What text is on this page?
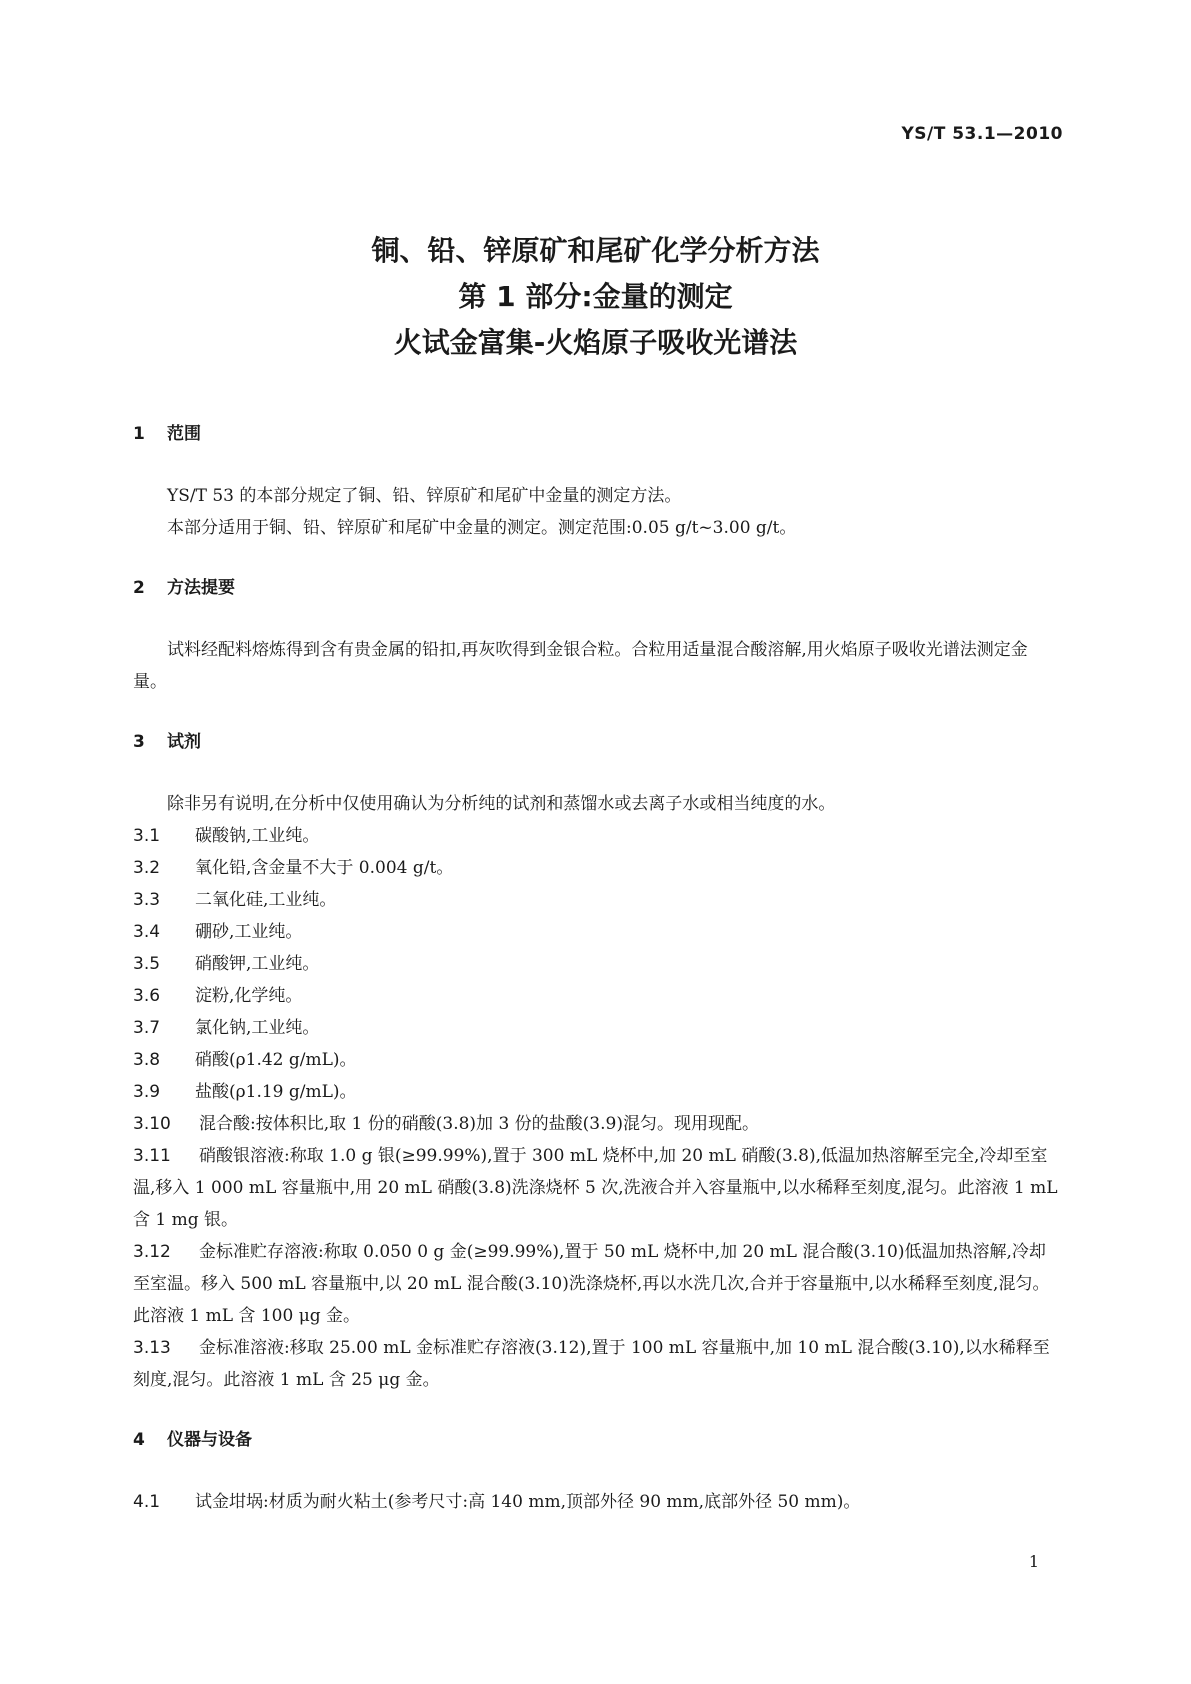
YS/T 53.1—2010
铜、铅、锌原矿和尾矿化学分析方法
第 1 部分:金量的测定
火试金富集-火焰原子吸收光谱法
1 范围

YS/T 53 的本部分规定了铜、铅、锌原矿和尾矿中金量的测定方法。

本部分适用于铜、铅、锌原矿和尾矿中金量的测定。测定范围:0.05 g/t~3.00 g/t。

2 方法提要

试料经配料熔炼得到含有贵金属的铅扣,再灰吹得到金银合粒。合粒用适量混合酸溶解,用火焰原子吸收光谱法测定金量。

3 试剂

除非另有说明,在分析中仅使用确认为分析纯的试剂和蒸馏水或去离子水或相当纯度的水。

3.1 碳酸钠,工业纯。

3.2 氧化铅,含金量不大于 0.004 g/t。

3.3 二氧化硅,工业纯。

3.4 硼砂,工业纯。

3.5 硝酸钾,工业纯。

3.6 淀粉,化学纯。

3.7 氯化钠,工业纯。

3.8 硝酸(ρ1.42 g/mL)。

3.9 盐酸(ρ1.19 g/mL)。

3.10 混合酸:按体积比,取 1 份的硝酸(3.8)加 3 份的盐酸(3.9)混匀。现用现配。

3.11 硝酸银溶液:称取 1.0 g 银(≥99.99%),置于 300 mL 烧杯中,加 20 mL 硝酸(3.8),低温加热溶解至完全,冷却至室温,移入 1 000 mL 容量瓶中,用 20 mL 硝酸(3.8)洗涤烧杯 5 次,洗液合并入容量瓶中,以水稀释至刻度,混匀。此溶液 1 mL 含 1 mg 银。

3.12 金标准贮存溶液:称取 0.050 0 g 金(≥99.99%),置于 50 mL 烧杯中,加 20 mL 混合酸(3.10)低温加热溶解,冷却至室温。移入 500 mL 容量瓶中,以 20 mL 混合酸(3.10)洗涤烧杯,再以水洗几次,合并于容量瓶中,以水稀释至刻度,混匀。此溶液 1 mL 含 100 μg 金。

3.13 金标准溶液:移取 25.00 mL 金标准贮存溶液(3.12),置于 100 mL 容量瓶中,加 10 mL 混合酸(3.10),以水稀释至刻度,混匀。此溶液 1 mL 含 25 μg 金。

4 仪器与设备

4.1 试金坩埚:材质为耐火粘土(参考尺寸:高 140 mm,顶部外径 90 mm,底部外径 50 mm)。

1
